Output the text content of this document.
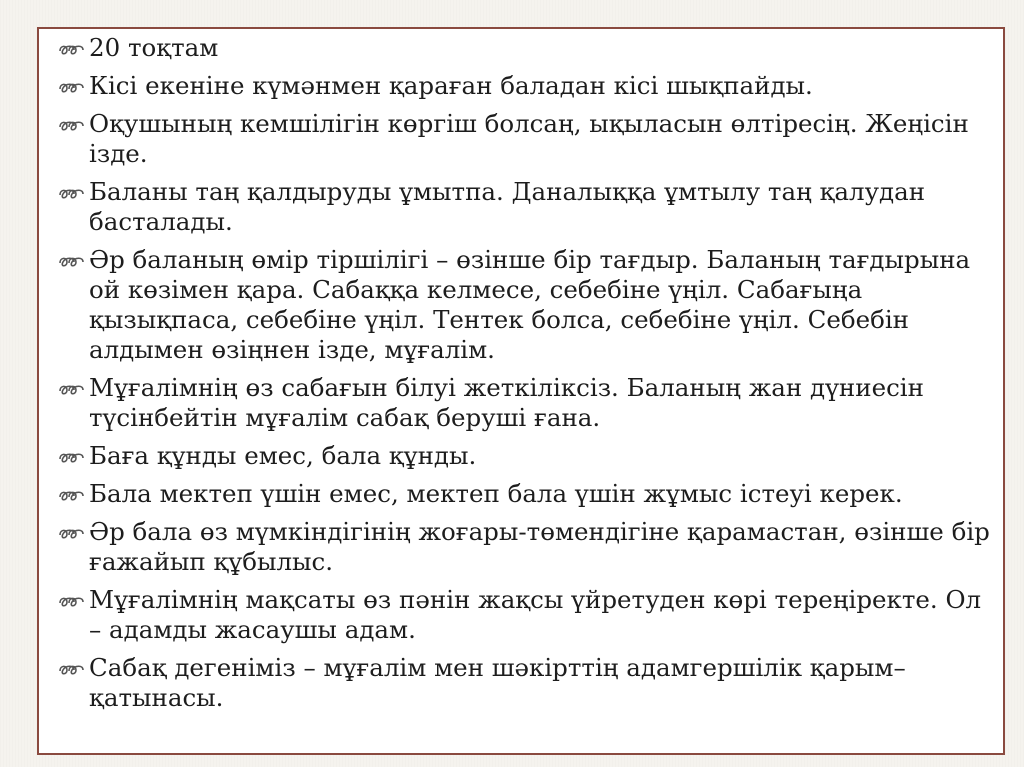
20 тоқтам
Кісі екеніне күмәнмен қараған баладан кісі шықпайды.
Оқушының кемшілігін көргіш болсаң, ықыласын өлтіресің. Жеңісін ізде.
Баланы таң қалдыруды ұмытпа. Даналыққа ұмтылу таң қалудан басталады.
Әр баланың өмір тіршілігі – өзінше бір тағдыр. Баланың тағдырына ой көзімен қара. Сабаққа келмесе, себебіне үңіл. Сабағыңа қызықпаса, себебіне үңіл. Тентек болса, себебіне үңіл. Себебін алдымен өзіңнен ізде, мұғалім.
Мұғалімнің өз сабағын білуі жеткіліксіз. Баланың жан дүниесін түсінбейтін мұғалім сабақ беруші ғана.
Баға құнды емес, бала құнды.
Бала мектеп үшін емес, мектеп бала үшін жұмыс істеуі керек.
Әр бала өз мүмкіндігінің жоғары-төмендігіне қарамастан, өзінше бір ғажайып құбылыс.
Мұғалімнің мақсаты өз пәнін жақсы үйретуден көрі тереңіректе. Ол – адамды жасаушы адам.
Сабақ дегеніміз – мұғалім мен шәкірттің адамгершілік қарым–қатынасы.
